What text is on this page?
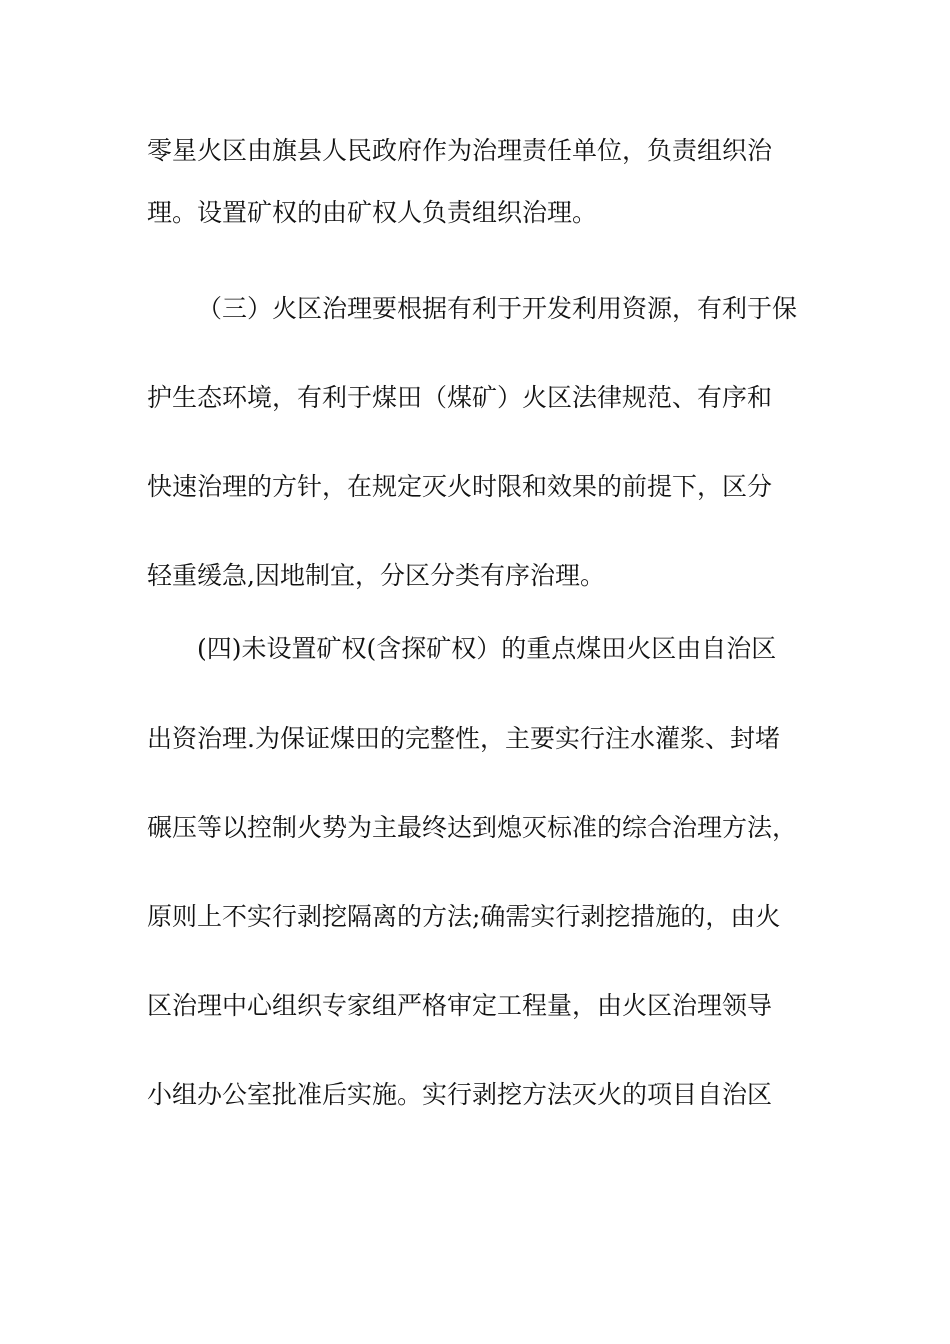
零星火区由旗县人民政府作为治理责任单位，负责组织治
理。设置矿权的由矿权人负责组织治理。
（三）火区治理要根据有利于开发利用资源，有利于保
护生态环境，有利于煤田（煤矿）火区法律规范、有序和
快速治理的方针，在规定灭火时限和效果的前提下，区分
轻重缓急,因地制宜，分区分类有序治理。
(四)未设置矿权(含探矿权）的重点煤田火区由自治区
出资治理.为保证煤田的完整性，主要实行注水灌浆、封堵
碾压等以控制火势为主最终达到熄灭标准的综合治理方法，
原则上不实行剥挖隔离的方法;确需实行剥挖措施的，由火
区治理中心组织专家组严格审定工程量，由火区治理领导
小组办公室批准后实施。实行剥挖方法灭火的项目自治区
